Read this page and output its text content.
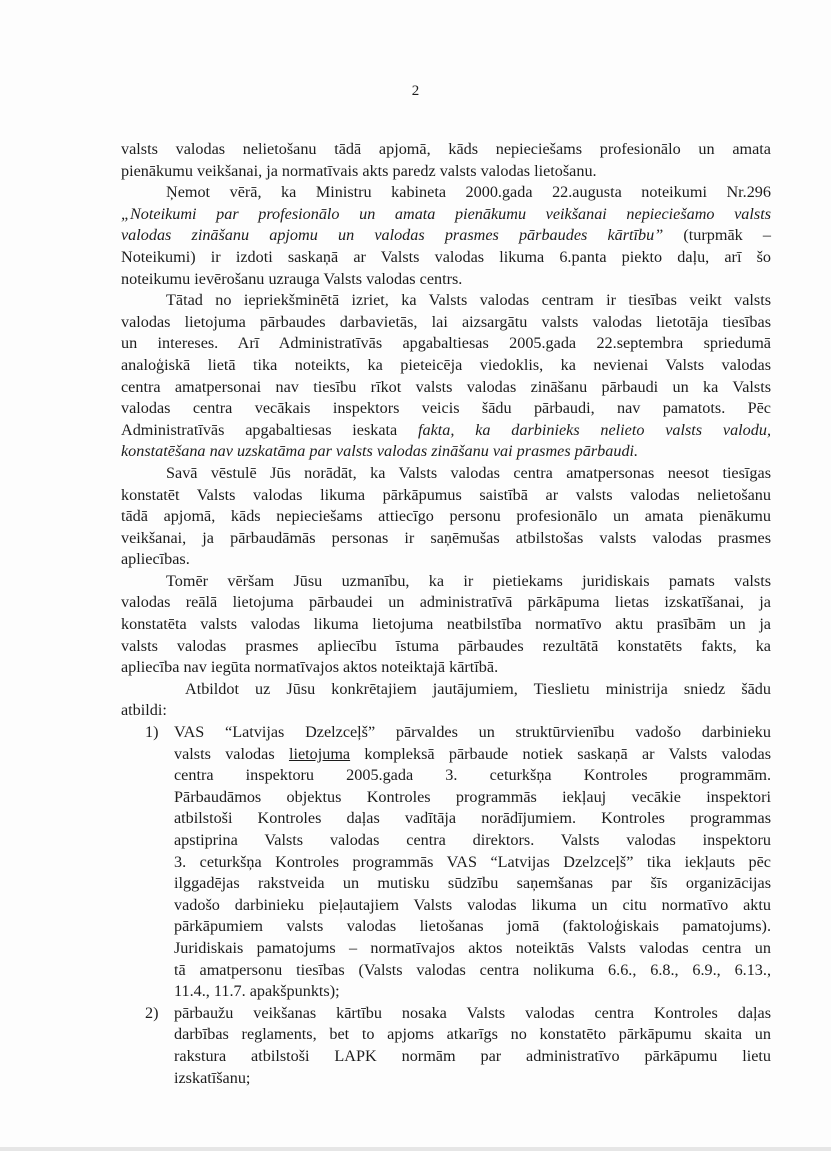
2
valsts valodas nelietošanu tādā apjomā, kāds nepieciešams profesionālo un amata
pienākumu veikšanai, ja normatīvais akts paredz valsts valodas lietošanu.
Ņemot vērā, ka Ministru kabineta 2000.gada 22.augusta noteikumi Nr.296
„Noteikumi par profesionālo un amata pienākumu veikšanai nepieciešamo valsts
valodas zināšanu apjomu un valodas prasmes pārbaudes kārtību” (turpmāk –
Noteikumi) ir izdoti saskaņā ar Valsts valodas likuma 6.panta piekto daļu, arī šo
noteikumu ievērošanu uzrauga Valsts valodas centrs.
Tātad no iepriekšminētā izriet, ka Valsts valodas centram ir tiesības veikt valsts
valodas lietojuma pārbaudes darbavietās, lai aizsargātu valsts valodas lietotāja tiesības
un intereses. Arī Administratīvās apgabaltiesas 2005.gada 22.septembra spriedumā
analoģiskā lietā tika noteikts, ka pieteicēja viedoklis, ka nevienai Valsts valodas
centra amatpersonai nav tiesību rīkot valsts valodas zināšanu pārbaudi un ka Valsts
valodas centra vecākais inspektors veicis šādu pārbaudi, nav pamatots. Pēc
Administratīvās apgabaltiesas ieskata fakta, ka darbinieks nelieto valsts valodu,
konstatēšana nav uzskatāma par valsts valodas zināšanu vai prasmes pārbaudi.
Savā vēstulē Jūs norādāt, ka Valsts valodas centra amatpersonas neesot tiesīgas
konstatēt Valsts valodas likuma pārkāpumus saistībā ar valsts valodas nelietošanu
tādā apjomā, kāds nepieciešams attiecīgo personu profesionālo un amata pienākumu
veikšanai, ja pārbaudāmās personas ir saņēmušas atbilstošas valsts valodas prasmes
apliecības.
Tomēr vēršam Jūsu uzmanību, ka ir pietiekams juridiskais pamats valsts
valodas reālā lietojuma pārbaudei un administratīvā pārkāpuma lietas izskatīšanai, ja
konstatēta valsts valodas likuma lietojuma neatbilstība normatīvo aktu prasībām un ja
valsts valodas prasmes apliecību īstuma pārbaudes rezultātā konstatēts fakts, ka
apliecība nav iegūta normatīvajos aktos noteiktajā kārtībā.
Atbildot uz Jūsu konkrētajiem jautājumiem, Tieslietu ministrija sniedz šādu
atbildi:
1) VAS “Latvijas Dzelzceļš” pārvaldes un struktūrvienību vadošo darbinieku
valsts valodas lietojuma kompleksā pārbaude notiek saskaņā ar Valsts valodas
centra inspektoru 2005.gada 3. ceturkšņa Kontroles programmām.
Pārbaudāmos objektus Kontroles programmās iekļauj vecākie inspektori
atbilstoši Kontroles daļas vadītāja norādījumiem. Kontroles programmas
apstiprina Valsts valodas centra direktors. Valsts valodas inspektoru
3. ceturkšņa Kontroles programmās VAS “Latvijas Dzelzceļš” tika iekļauts pēc
ilggadējas rakstveida un mutisku sūdzību saņemšanas par šīs organizācijas
vadošo darbinieku pieļautajiem Valsts valodas likuma un citu normatīvo aktu
pārkāpumiem valsts valodas lietošanas jomā (faktoloģiskais pamatojums).
Juridiskais pamatojums – normatīvajos aktos noteiktās Valsts valodas centra un
tā amatpersonu tiesības (Valsts valodas centra nolikuma 6.6., 6.8., 6.9., 6.13.,
11.4., 11.7. apakšpunkts);
2) pārbaužu veikšanas kārtību nosaka Valsts valodas centra Kontroles daļas
darbības reglaments, bet to apjoms atkarīgs no konstatēto pārkāpumu skaita un
rakstura atbilstoši LAPK normām par administratīvo pārkāpumu lietu
izskatīšanu;
